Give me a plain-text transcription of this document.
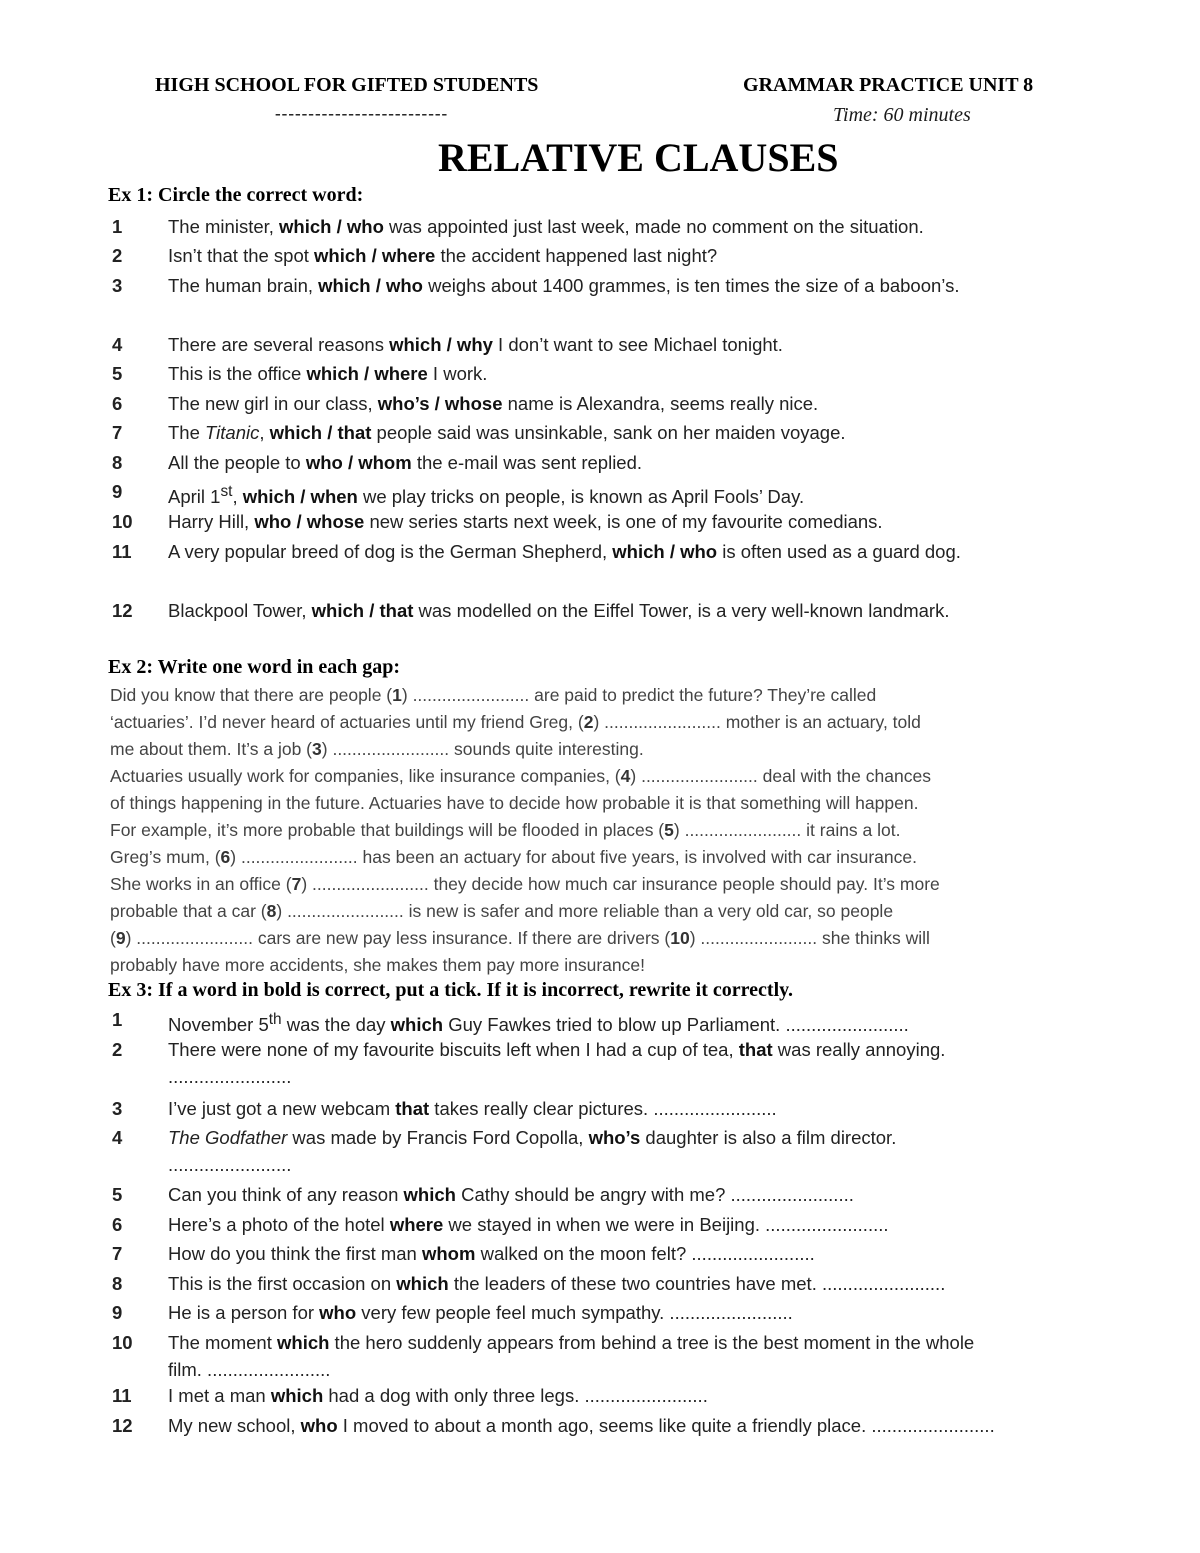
HIGH SCHOOL FOR GIFTED STUDENTS
--------------------------
GRAMMAR PRACTICE UNIT 8
Time: 60 minutes
RELATIVE CLAUSES
Ex 1: Circle the correct word:
1	The minister, which / who was appointed just last week, made no comment on the situation.
2	Isn’t that the spot which / where the accident happened last night?
3	The human brain, which / who weighs about 1400 grammes, is ten times the size of a baboon’s.
4	There are several reasons which / why I don’t want to see Michael tonight.
5	This is the office which / where I work.
6	The new girl in our class, who’s / whose name is Alexandra, seems really nice.
7	The Titanic, which / that people said was unsinkable, sank on her maiden voyage.
8	All the people to who / whom the e-mail was sent replied.
9	April 1st, which / when we play tricks on people, is known as April Fools’ Day.
10	Harry Hill, who / whose new series starts next week, is one of my favourite comedians.
11	A very popular breed of dog is the German Shepherd, which / who is often used as a guard dog.
12	Blackpool Tower, which / that was modelled on the Eiffel Tower, is a very well-known landmark.
Ex 2: Write one word in each gap:
Did you know that there are people (1) ........................ are paid to predict the future? They’re called
‘actuaries’. I’d never heard of actuaries until my friend Greg, (2) ........................ mother is an actuary, told
me about them. It’s a job (3) ........................ sounds quite interesting.
Actuaries usually work for companies, like insurance companies, (4) ........................ deal with the chances
of things happening in the future. Actuaries have to decide how probable it is that something will happen.
For example, it’s more probable that buildings will be flooded in places (5) ........................ it rains a lot.
Greg’s mum, (6) ........................ has been an actuary for about five years, is involved with car insurance.
She works in an office (7) ........................ they decide how much car insurance people should pay. It’s more
probable that a car (8) ........................ is new is safer and more reliable than a very old car, so people
(9) ........................ cars are new pay less insurance. If there are drivers (10) ........................ she thinks will
probably have more accidents, she makes them pay more insurance!
Ex 3: If a word in bold is correct, put a tick. If it is incorrect, rewrite it correctly.
1	November 5th was the day which Guy Fawkes tried to blow up Parliament. ........................
2	There were none of my favourite biscuits left when I had a cup of tea, that was really annoying. ........................
3	I’ve just got a new webcam that takes really clear pictures. ........................
4	The Godfather was made by Francis Ford Copolla, who’s daughter is also a film director. ........................
5	Can you think of any reason which Cathy should be angry with me? ........................
6	Here’s a photo of the hotel where we stayed in when we were in Beijing. ........................
7	How do you think the first man whom walked on the moon felt? ........................
8	This is the first occasion on which the leaders of these two countries have met. ........................
9	He is a person for who very few people feel much sympathy. ........................
10	The moment which the hero suddenly appears from behind a tree is the best moment in the whole film. ........................
11	I met a man which had a dog with only three legs. ........................
12	My new school, who I moved to about a month ago, seems like quite a friendly place. ........................
